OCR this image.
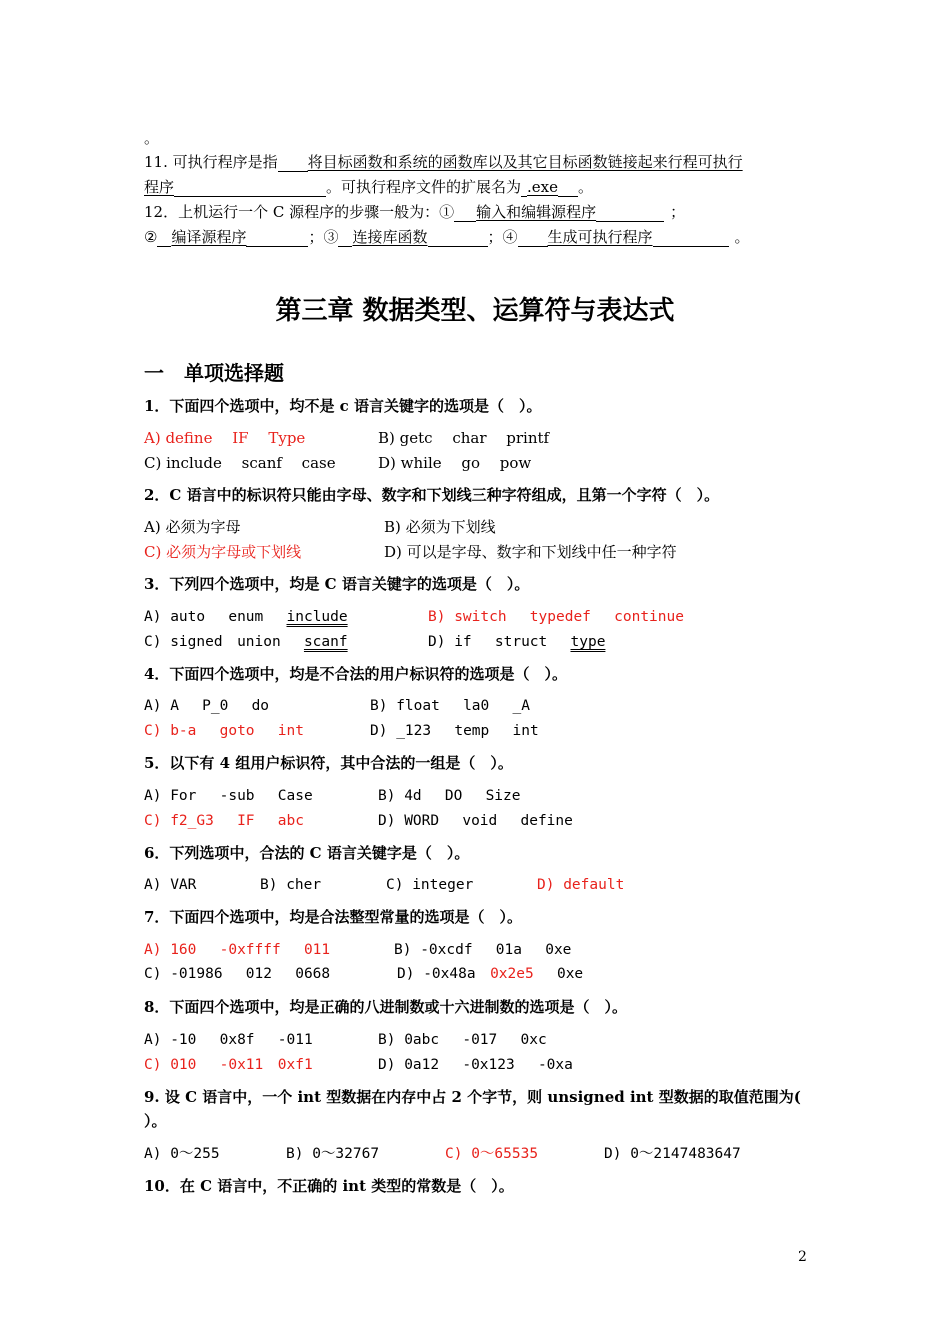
。
11. 可执行程序是指 将目标函数和系统的函数库以及其它目标函数链接起来行程可执行
程序	。可执行程序文件的扩展名为 .exe 。
12．上机运行一个 C 源程序的步骤一般为：① 输入和编辑源程序	；
② 编译源程序	；③ 连接库函数	；④ 生成可执行程序	。
第三章 数据类型、运算符与表达式
一　单项选择题
1．下面四个选项中，均不是 c 语言关键字的选项是（　）。
A) define　 IF　 Type	B) getc　 char　 printf
C) include　 scanf　 case	D) while　 go　 pow
2．C 语言中的标识符只能由字母、数字和下划线三种字符组成，且第一个字符（　）。
A) 必须为字母	B) 必须为下划线
C) 必须为字母或下划线	D) 可以是字母、数字和下划线中任一种字符
3．下列四个选项中，均是 C 语言关键字的选项是（　）。
A) auto　 enum　 include	B) switch　 typedef　 continue
C) signed　union　 scanf	D) if　 struct　 type
4．下面四个选项中，均是不合法的用户标识符的选项是（　）。
A) A　 P_0　 do	B) float　 la0　 _A
C) b-a　 goto　 int	D) _123　 temp　 int
5．以下有 4 组用户标识符，其中合法的一组是（　）。
A) For　 -sub　 Case	B) 4d　 DO　 Size
C) f2_G3　 IF　 abc	D) WORD　 void　 define
6．下列选项中，合法的 C 语言关键字是（　）。
A) VAR	B) cher	C) integer	D) default
7．下面四个选项中，均是合法整型常量的选项是（　）。
A) 160　 -0xffff　 011	B) -0xcdf　 01a　 0xe
C) -01986　 012　 0668	D) -0x48a　0x2e5　 0xe
8．下面四个选项中，均是正确的八进制数或十六进制数的选项是（　）。
A) -10　 0x8f　 -011	B) 0abc　 -017　 0xc
C) 010　 -0x11　0xf1	D) 0a12　 -0x123　 -0xa
9. 设 C 语言中，一个 int 型数据在内存中占 2 个字节，则 unsigned int 型数据的取值范围为(
）。
A) 0～255	B) 0～32767	C) 0～65535	D) 0～2147483647
10．在 C 语言中，不正确的 int 类型的常数是（　）。
2
